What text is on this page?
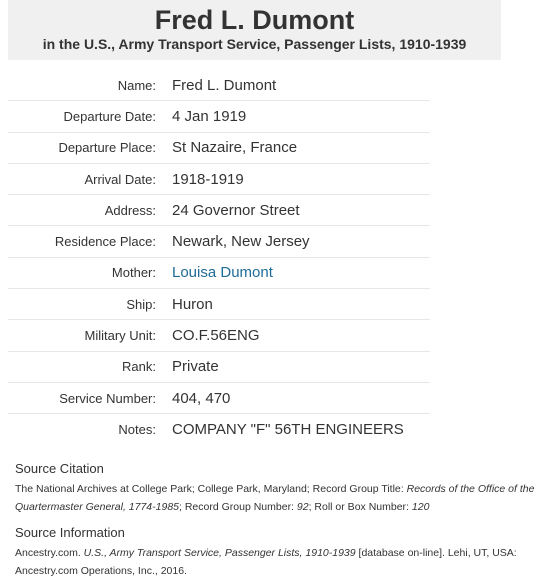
Fred L. Dumont
in the U.S., Army Transport Service, Passenger Lists, 1910-1939
Name:	Fred L. Dumont
Departure Date:	4 Jan 1919
Departure Place:	St Nazaire, France
Arrival Date:	1918-1919
Address:	24 Governor Street
Residence Place:	Newark, New Jersey
Mother:	Louisa Dumont
Ship:	Huron
Military Unit:	CO.F.56ENG
Rank:	Private
Service Number:	404, 470
Notes:	COMPANY "F" 56TH ENGINEERS
Source Citation

The National Archives at College Park; College Park, Maryland; Record Group Title: Records of the Office of the Quartermaster General, 1774-1985; Record Group Number: 92; Roll or Box Number: 120

Source Information

Ancestry.com. U.S., Army Transport Service, Passenger Lists, 1910-1939 [database on-line]. Lehi, UT, USA: Ancestry.com Operations, Inc., 2016.
